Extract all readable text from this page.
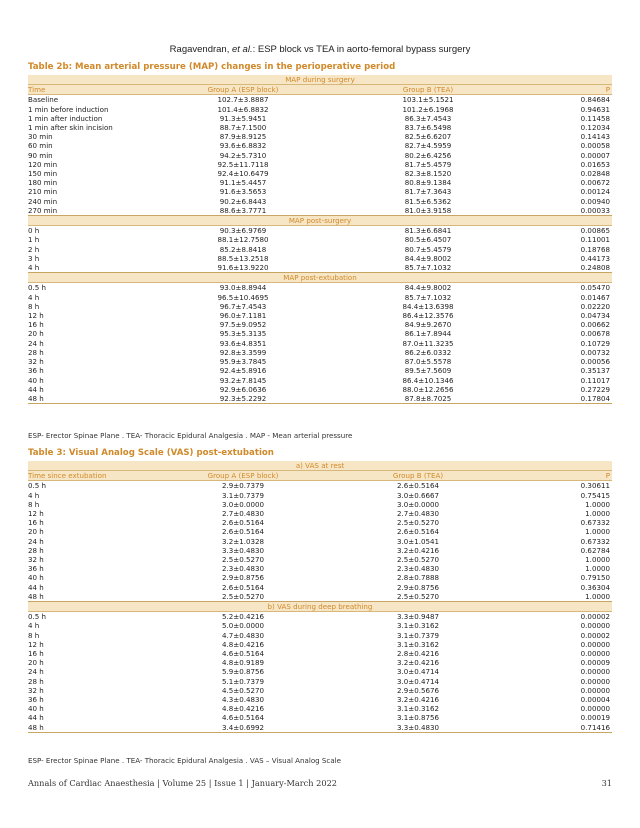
Ragavendran, et al.: ESP block vs TEA in aorto-femoral bypass surgery
Table 2b: Mean arterial pressure (MAP) changes in the perioperative period
MAP during surgery			
Time	Group A (ESP block)	Group B (TEA)	P
Baseline	102.7±3.8887	103.1±5.1521	0.84684
1 min before induction	101.4±6.8832	101.2±6.1968	0.94631
1 min after induction	91.3±5.9451	86.3±7.4543	0.11458
1 min after skin incision	88.7±7.1500	83.7±6.5498	0.12034
30 min	87.9±8.9125	82.5±6.6207	0.14143
60 min	93.6±6.8832	82.7±4.5959	0.00058
90 min	94.2±5.7310	80.2±6.4256	0.00007
120 min	92.5±11.7118	81.7±5.4579	0.01653
150 min	92.4±10.6479	82.3±8.1520	0.02848
180 min	91.1±5.4457	80.8±9.1384	0.00672
210 min	91.6±3.5653	81.7±7.3643	0.00124
240 min	90.2±6.8443	81.5±6.5362	0.00940
270 min	88.6±3.7771	81.0±3.9158	0.00033
MAP post-surgery			
0 h	90.3±6.9769	81.3±6.6841	0.00865
1 h	88.1±12.7580	80.5±6.4507	0.11001
2 h	85.2±8.8418	80.7±5.4579	0.18768
3 h	88.5±13.2518	84.4±9.8002	0.44173
4 h	91.6±13.9220	85.7±7.1032	0.24808
MAP post-extubation			
0.5 h	93.0±8.8944	84.4±9.8002	0.05470
4 h	96.5±10.4695	85.7±7.1032	0.01467
8 h	96.7±7.4543	84.4±13.6398	0.02220
12 h	96.0±7.1181	86.4±12.3576	0.04734
16 h	97.5±9.0952	84.9±9.2670	0.00662
20 h	95.3±5.3135	86.1±7.8944	0.00678
24 h	93.6±4.8351	87.0±11.3235	0.10729
28 h	92.8±3.3599	86.2±6.0332	0.00732
32 h	95.9±3.7845	87.0±5.5578	0.00056
36 h	92.4±5.8916	89.5±7.5609	0.35137
40 h	93.2±7.8145	86.4±10.1346	0.11017
44 h	92.9±6.0636	88.0±12.2656	0.27229
48 h	92.3±5.2292	87.8±8.7025	0.17804
ESP- Erector Spinae Plane . TEA- Thoracic Epidural Analgesia . MAP - Mean arterial pressure
Table 3: Visual Analog Scale (VAS) post-extubation
a) VAS at rest			
Time since extubation	Group A (ESP block)	Group B (TEA)	P
0.5 h	2.9±0.7379	2.6±0.5164	0.30611
4 h	3.1±0.7379	3.0±0.6667	0.75415
8 h	3.0±0.0000	3.0±0.0000	1.0000
12 h	2.7±0.4830	2.7±0.4830	1.0000
16 h	2.6±0.5164	2.5±0.5270	0.67332
20 h	2.6±0.5164	2.6±0.5164	1.0000
24 h	3.2±1.0328	3.0±1.0541	0.67332
28 h	3.3±0.4830	3.2±0.4216	0.62784
32 h	2.5±0.5270	2.5±0.5270	1.0000
36 h	2.3±0.4830	2.3±0.4830	1.0000
40 h	2.9±0.8756	2.8±0.7888	0.79150
44 h	2.6±0.5164	2.9±0.8756	0.36304
48 h	2.5±0.5270	2.5±0.5270	1.0000
b) VAS during deep breathing			
0.5 h	5.2±0.4216	3.3±0.9487	0.00002
4 h	5.0±0.0000	3.1±0.3162	0.00000
8 h	4.7±0.4830	3.1±0.7379	0.00002
12 h	4.8±0.4216	3.1±0.3162	0.00000
16 h	4.6±0.5164	2.8±0.4216	0.00000
20 h	4.8±0.9189	3.2±0.4216	0.00009
24 h	5.9±0.8756	3.0±0.4714	0.00000
28 h	5.1±0.7379	3.0±0.4714	0.00000
32 h	4.5±0.5270	2.9±0.5676	0.00000
36 h	4.3±0.4830	3.2±0.4216	0.00004
40 h	4.8±0.4216	3.1±0.3162	0.00000
44 h	4.6±0.5164	3.1±0.8756	0.00019
48 h	3.4±0.6992	3.3±0.4830	0.71416
ESP- Erector Spinae Plane . TEA- Thoracic Epidural Analgesia . VAS – Visual Analog Scale
Annals of Cardiac Anaesthesia | Volume 25 | Issue 1 | January-March 2022	31
